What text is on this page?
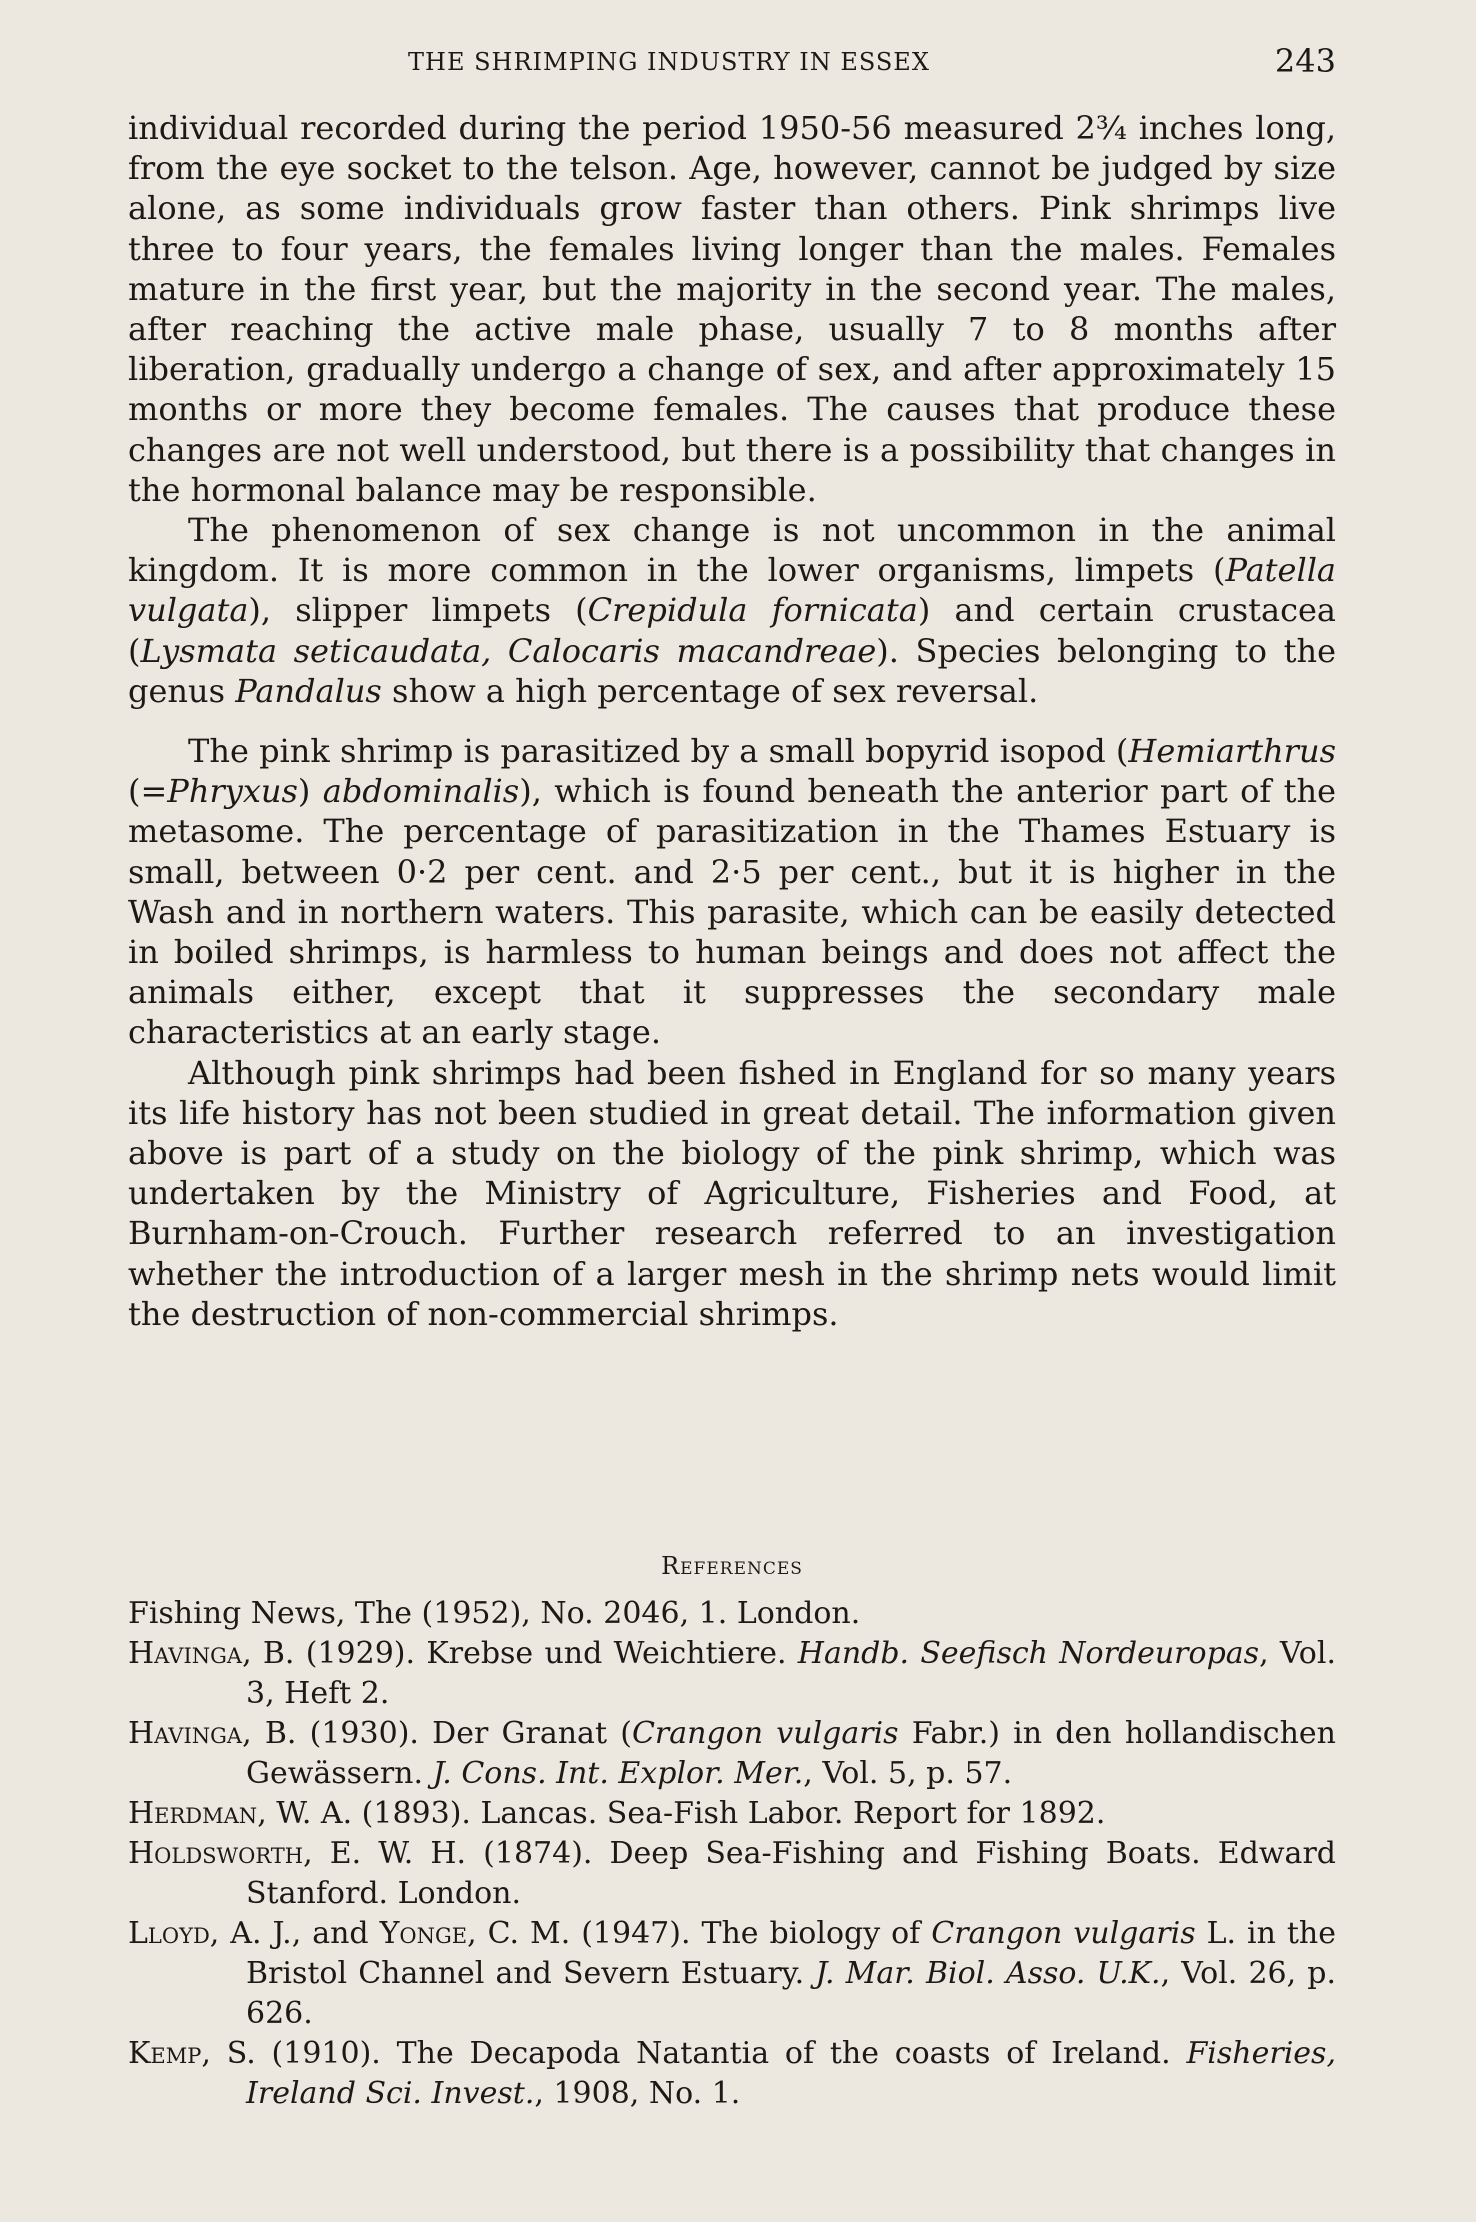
THE SHRIMPING INDUSTRY IN ESSEX	243

individual recorded during the period 1950-56 measured 2¾ inches long, from the eye socket to the telson. Age, however, cannot be judged by size alone, as some individuals grow faster than others. Pink shrimps live three to four years, the females living longer than the males. Females mature in the first year, but the majority in the second year. The males, after reaching the active male phase, usually 7 to 8 months after liberation, gradually undergo a change of sex, and after approximately 15 months or more they become females. The causes that produce these changes are not well understood, but there is a possibility that changes in the hormonal balance may be responsible.

The phenomenon of sex change is not uncommon in the animal kingdom. It is more common in the lower organisms, limpets (Patella vulgata), slipper limpets (Crepidula fornicata) and certain crustacea (Lysmata seticaudata, Calocaris macandreae). Species belonging to the genus Pandalus show a high percentage of sex reversal.

The pink shrimp is parasitized by a small bopyrid isopod (Hemiarthrus (=Phryxus) abdominalis), which is found beneath the anterior part of the metasome. The percentage of parasitization in the Thames Estuary is small, between 0·2 per cent. and 2·5 per cent., but it is higher in the Wash and in northern waters. This parasite, which can be easily detected in boiled shrimps, is harmless to human beings and does not affect the animals either, except that it suppresses the secondary male characteristics at an early stage.

Although pink shrimps had been fished in England for so many years its life history has not been studied in great detail. The information given above is part of a study on the biology of the pink shrimp, which was undertaken by the Ministry of Agriculture, Fisheries and Food, at Burnham-on-Crouch. Further research referred to an investigation whether the introduction of a larger mesh in the shrimp nets would limit the destruction of non-commercial shrimps.

References

Fishing News, The (1952), No. 2046, 1. London.

Havinga, B. (1929). Krebse und Weichtiere. Handb. Seefisch Nordeuropas, Vol. 3, Heft 2.

Havinga, B. (1930). Der Granat (Crangon vulgaris Fabr.) in den hollandischen Gewässern. J. Cons. Int. Explor. Mer., Vol. 5, p. 57.

Herdman, W. A. (1893). Lancas. Sea-Fish Labor. Report for 1892.

Holdsworth, E. W. H. (1874). Deep Sea-Fishing and Fishing Boats. Edward Stanford. London.

Lloyd, A. J., and Yonge, C. M. (1947). The biology of Crangon vulgaris L. in the Bristol Channel and Severn Estuary. J. Mar. Biol. Asso. U.K., Vol. 26, p. 626.

Kemp, S. (1910). The Decapoda Natantia of the coasts of Ireland. Fisheries, Ireland Sci. Invest., 1908, No. 1.
